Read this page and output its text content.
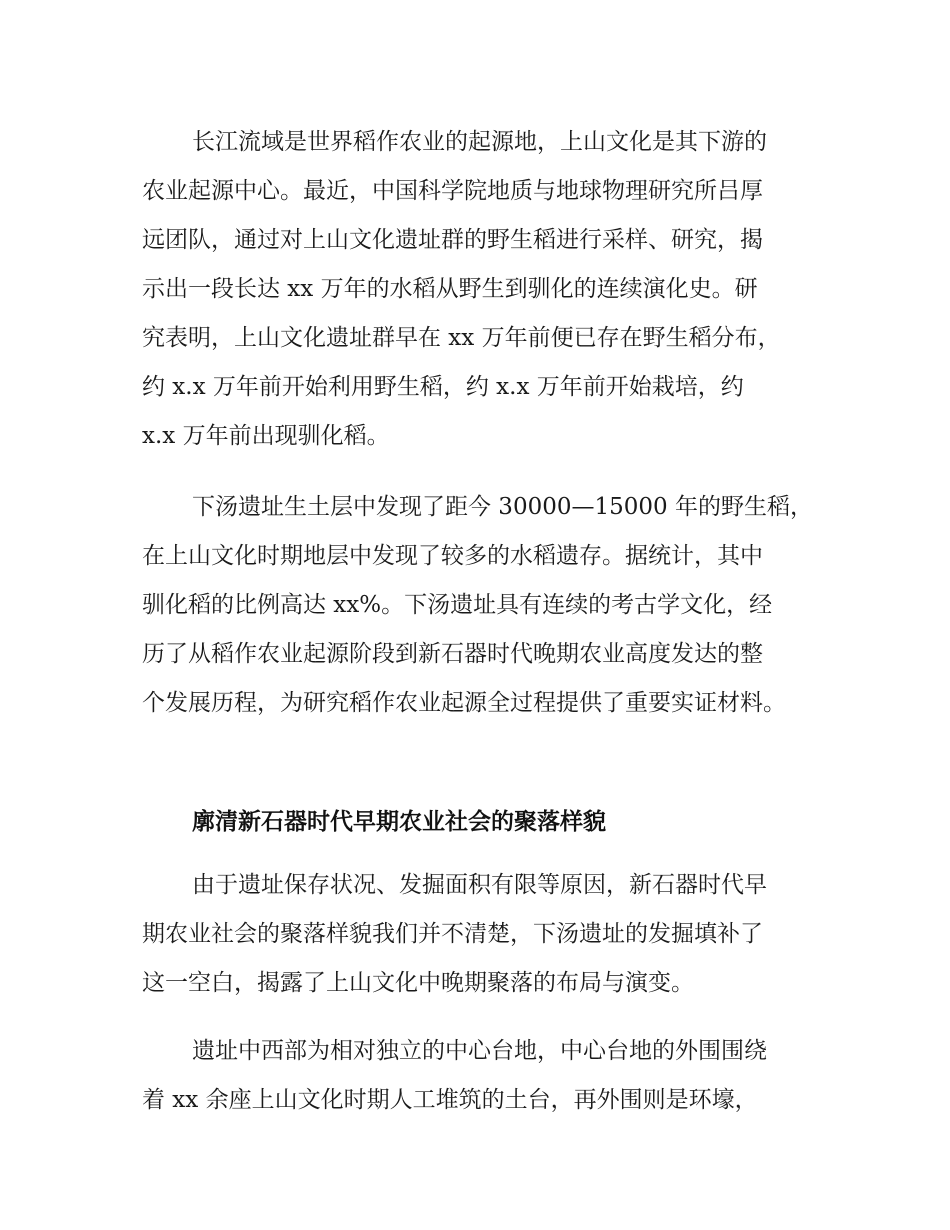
长江流域是世界稻作农业的起源地，上山文化是其下游的
农业起源中心。最近，中国科学院地质与地球物理研究所吕厚
远团队，通过对上山文化遗址群的野生稻进行采样、研究，揭
示出一段长达 xx 万年的水稻从野生到驯化的连续演化史。研
究表明，上山文化遗址群早在 xx 万年前便已存在野生稻分布，
约 x.x 万年前开始利用野生稻，约 x.x 万年前开始栽培，约
x.x 万年前出现驯化稻。
下汤遗址生土层中发现了距今 30000—15000 年的野生稻，
在上山文化时期地层中发现了较多的水稻遗存。据统计，其中
驯化稻的比例高达 xx%。下汤遗址具有连续的考古学文化，经
历了从稻作农业起源阶段到新石器时代晚期农业高度发达的整
个发展历程，为研究稻作农业起源全过程提供了重要实证材料。
廓清新石器时代早期农业社会的聚落样貌
由于遗址保存状况、发掘面积有限等原因，新石器时代早
期农业社会的聚落样貌我们并不清楚，下汤遗址的发掘填补了
这一空白，揭露了上山文化中晚期聚落的布局与演变。
遗址中西部为相对独立的中心台地，中心台地的外围围绕
着 xx 余座上山文化时期人工堆筑的土台，再外围则是环壕，
